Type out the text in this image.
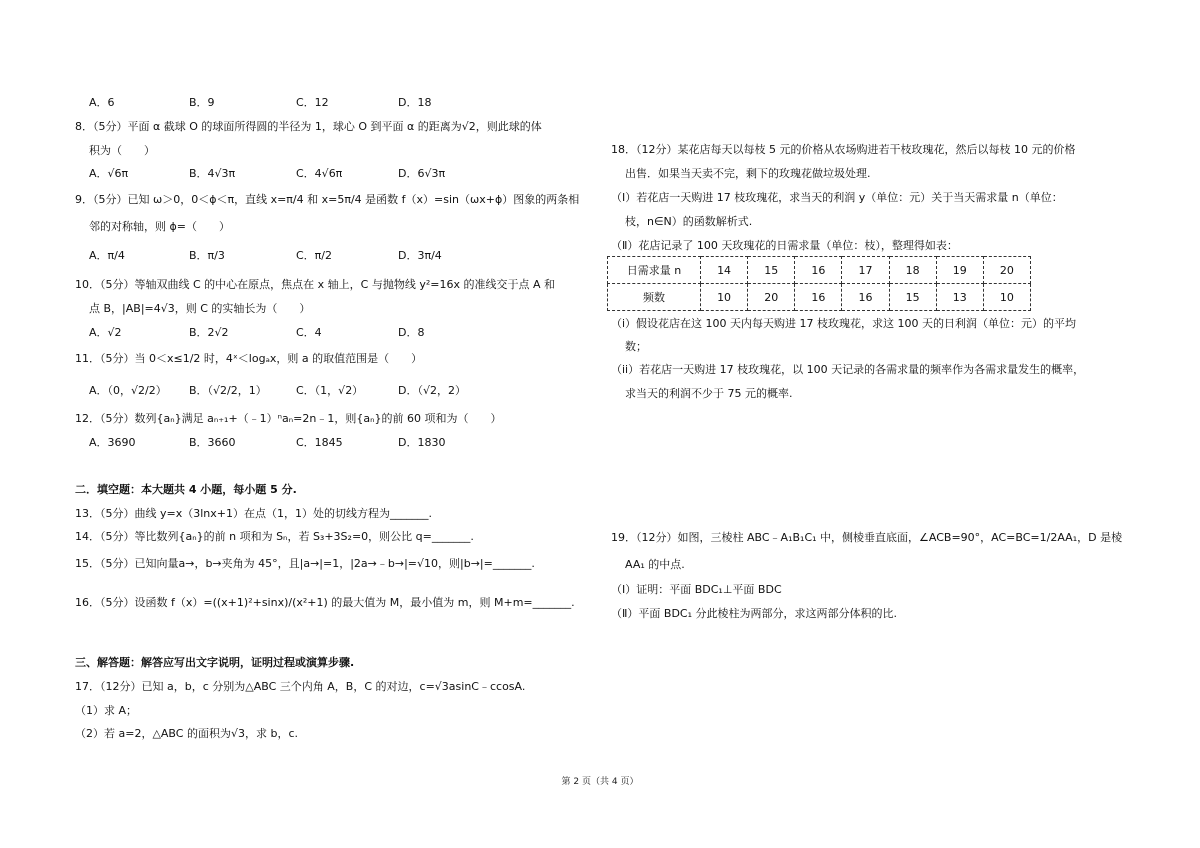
A．6	B．9	C．12	D．18
8．（5分）平面 α 截球 O 的球面所得圆的半径为 1，球心 O 到平面 α 的距离为√2，则此球的体
积为（　　）
A．√6π	B．4√3π	C．4√6π	D．6√3π
9．（5分）已知 ω＞0，0＜ϕ＜π，直线 x=π/4 和 x=5π/4 是函数 f（x）=sin（ωx+ϕ）图象的两条相
邻的对称轴，则 ϕ=（　　）
A．π/4	B．π/3	C．π/2	D．3π/4
10．（5分）等轴双曲线 C 的中心在原点，焦点在 x 轴上，C 与抛物线 y²=16x 的准线交于点 A 和
点 B，|AB|=4√3，则 C 的实轴长为（　　）
A．√2	B．2√2	C．4	D．8
11．（5分）当 0＜x≤1/2 时，4ˣ＜logₐx，则 a 的取值范围是（　　）
A．（0，√2/2） B．（√2/2，1）	C．（1，√2）	D．（√2，2）
12．（5分）数列{aₙ}满足 aₙ₊₁+（﹣1）ⁿaₙ=2n﹣1，则{aₙ}的前 60 项和为（　　）
A．3690	B．3660	C．1845	D．1830
二．填空题：本大题共 4 小题，每小题 5 分.
13．（5分）曲线 y=x（3lnx+1）在点（1，1）处的切线方程为_______.
14．（5分）等比数列{aₙ}的前 n 项和为 Sₙ，若 S₃+3S₂=0，则公比 q=_______.
15．（5分）已知向量a→，b→夹角为 45°，且|a→|=1，|2a→﹣b→|=√10，则|b→|=_______.
16．（5分）设函数 f（x）=((x+1)²+sinx)/(x²+1) 的最大值为 M，最小值为 m，则 M+m=_______.
三、解答题：解答应写出文字说明，证明过程或演算步骤.
17．（12分）已知 a，b，c 分别为△ABC 三个内角 A，B，C 的对边，c=√3asinC﹣ccosA.
（1）求 A；
（2）若 a=2，△ABC 的面积为√3，求 b，c.
18．（12分）某花店每天以每枝 5 元的价格从农场购进若干枝玫瑰花，然后以每枝 10 元的价格
出售．如果当天卖不完，剩下的玫瑰花做垃圾处理.
（Ⅰ）若花店一天购进 17 枝玫瑰花，求当天的利润 y（单位：元）关于当天需求量 n（单位：
枝，n∈N）的函数解析式.
（Ⅱ）花店记录了 100 天玫瑰花的日需求量（单位：枝），整理得如表：
日需求量 n	14	15	16	17	18	19	20
频数	10	20	16	16	15	13	10
（i）假设花店在这 100 天内每天购进 17 枝玫瑰花，求这 100 天的日利润（单位：元）的平均
数；
（ii）若花店一天购进 17 枝玫瑰花，以 100 天记录的各需求量的频率作为各需求量发生的概率，
求当天的利润不少于 75 元的概率.
19．（12分）如图，三棱柱 ABC﹣A₁B₁C₁ 中，侧棱垂直底面，∠ACB=90°，AC=BC=1/2AA₁，D 是棱
AA₁ 的中点.
（Ⅰ）证明：平面 BDC₁⊥平面 BDC
（Ⅱ）平面 BDC₁ 分此棱柱为两部分，求这两部分体积的比.
第 2 页（共 4 页）
